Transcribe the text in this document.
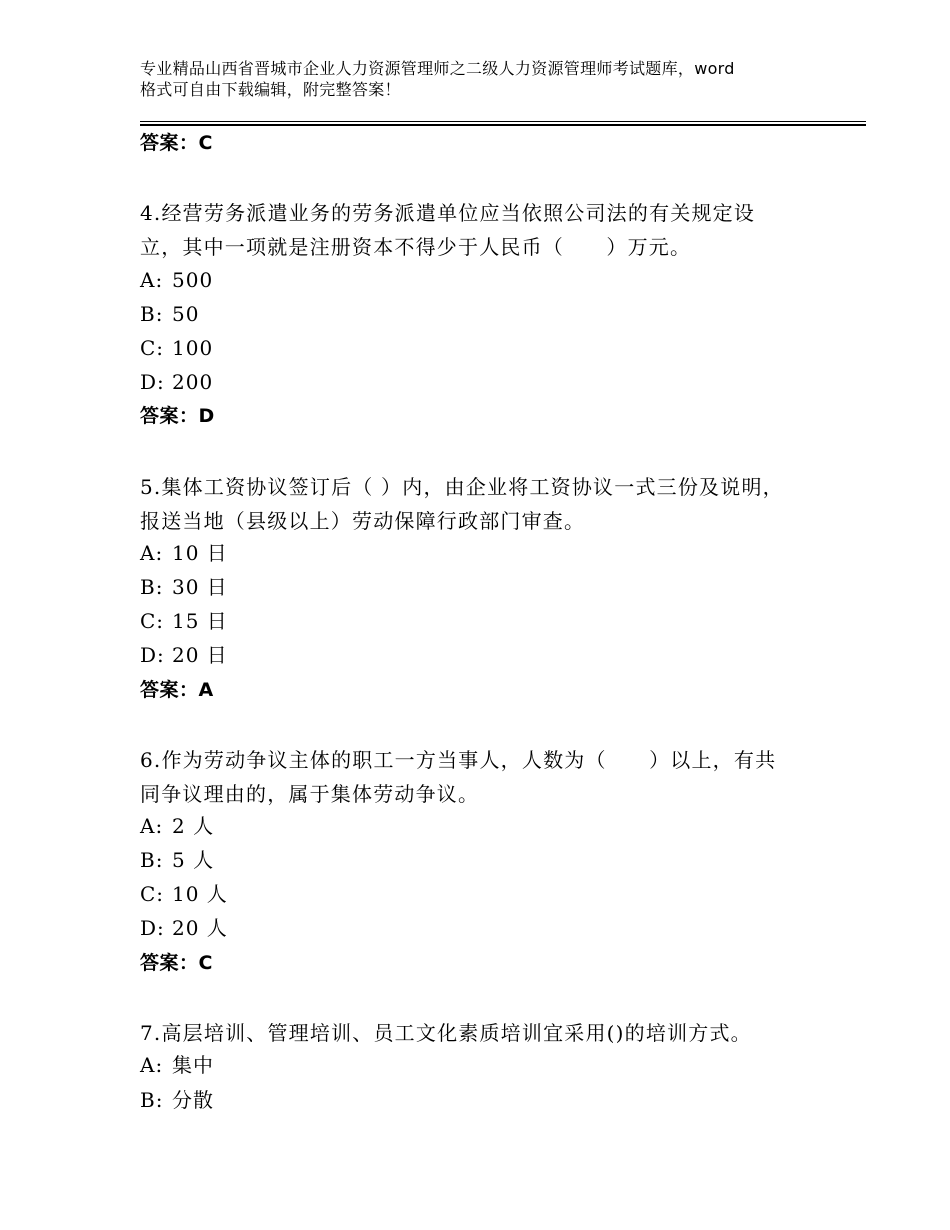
专业精品山西省晋城市企业人力资源管理师之二级人力资源管理师考试题库，word
格式可自由下载编辑，附完整答案！
答案：C
4.经营劳务派遣业务的劳务派遣单位应当依照公司法的有关规定设
立，其中一项就是注册资本不得少于人民币（　　）万元。
A: 500
B: 50
C: 100
D: 200
答案：D
5.集体工资协议签订后（ ）内，由企业将工资协议一式三份及说明，
报送当地（县级以上）劳动保障行政部门审查。
A: 10 日
B: 30 日
C: 15 日
D: 20 日
答案：A
6.作为劳动争议主体的职工一方当事人，人数为（　　）以上，有共
同争议理由的，属于集体劳动争议。
A: 2 人
B: 5 人
C: 10 人
D: 20 人
答案：C
7.高层培训、管理培训、员工文化素质培训宜采用()的培训方式。
A: 集中
B: 分散
